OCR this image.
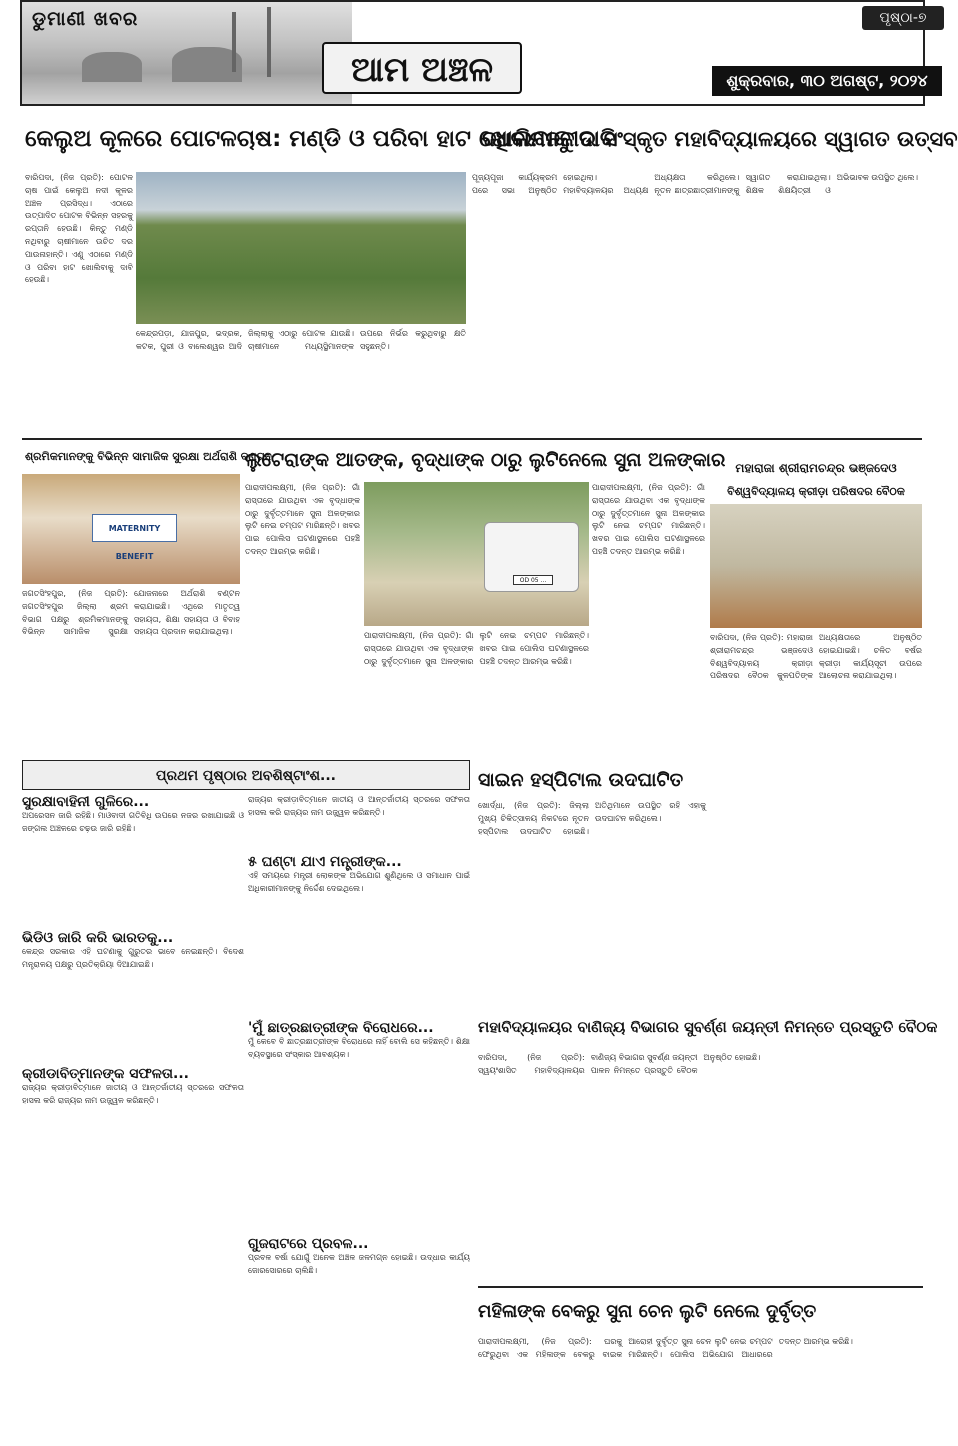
ଡୁମାଣୀ ଖବର
ଆମ ଅଞ୍ଚଳ
ପୃଷ୍ଠା-୭
ଶୁକ୍ରବାର, ୩୦ ଅଗଷ୍ଟ, ୨୦୨୪
କେଲୁଅ କୂଳରେ ପୋଟଳଚାଷ: ମଣ୍ଡି ଓ ପରିବା ହାଟ ଖୋଲିବାକୁ ଦାବି
ଦଧିବାମନଜୀଉ ସଂସ୍କୃତ ମହାବିଦ୍ୟାଳୟରେ ସ୍ୱାଗତ ଉତ୍ସବ
ବାରିପଦା, (ନିଜ ପ୍ରତି): ପୋଟଳ ଚାଷ ପାଇଁ କେଲୁଅ ନଦୀ କୂଳର ଅଞ୍ଚଳ ପ୍ରସିଦ୍ଧ। ଏଠାରେ ଉତ୍ପାଦିତ ପୋଟଳ ବିଭିନ୍ନ ସହରକୁ ରପ୍ତାନି ହେଉଛି। କିନ୍ତୁ ମଣ୍ଡି ନଥିବାରୁ ଚାଷୀମାନେ ଉଚିତ ଦର ପାଉନାହାନ୍ତି। ଏଣୁ ଏଠାରେ ମଣ୍ଡି ଓ ପରିବା ହାଟ ଖୋଲିବାକୁ ଦାବି ହେଉଛି।
କେନ୍ଦ୍ରପଡ଼ା, ଯାଜପୁର, ଭଦ୍ରକ, କଟକ, ପୁରୀ ଓ ବାଲେଶ୍ୱର ଆଦି ଜିଲ୍ଲାକୁ ଏଠାରୁ ପୋଟଳ ଯାଉଛି। ଚାଷୀମାନେ ମଧ୍ୟସ୍ଥିମାନଙ୍କ ଉପରେ ନିର୍ଭର କରୁଥିବାରୁ କ୍ଷତି ସହୁଛନ୍ତି।
ପୂଜ୍ୟପୂଜା କାର୍ଯ୍ୟକ୍ରମ ପରେ ସଭା ଅନୁଷ୍ଠିତ ହୋଇଥିଲା। ମହାବିଦ୍ୟାଳୟର ଅଧ୍ୟକ୍ଷ ଅଧ୍ୟକ୍ଷତା କରିଥିଲେ। ନୂତନ ଛାତ୍ରଛାତ୍ରୀମାନଙ୍କୁ ସ୍ୱାଗତ କରାଯାଇଥିଲା। ଶିକ୍ଷକ ଶିକ୍ଷୟିତ୍ରୀ ଓ ଅଭିଭାବକ ଉପସ୍ଥିତ ଥିଲେ।
ଶ୍ରମିକମାନଙ୍କୁ ବିଭିନ୍ନ ସାମାଜିକ ସୁରକ୍ଷା ଅର୍ଥରାଶି ବଣ୍ଟନ
MATERNITY BENEFIT
ଜଗତସିଂହପୁର, (ନିଜ ପ୍ରତି): ଜଗତସିଂହପୁର ଜିଲ୍ଲା ଶ୍ରମ ବିଭାଗ ପକ୍ଷରୁ ଶ୍ରମିକମାନଙ୍କୁ ବିଭିନ୍ନ ସାମାଜିକ ସୁରକ୍ଷା ଯୋଜନାରେ ଅର୍ଥରାଶି ବଣ୍ଟନ କରାଯାଇଛି। ଏଥିରେ ମାତୃତ୍ୱ ସହାୟତା, ଶିକ୍ଷା ସହାୟତା ଓ ବିବାହ ସହାୟତା ପ୍ରଦାନ କରାଯାଇଥିଲା।
ଲୁଟେରାଙ୍କ ଆତଙ୍କ, ବୃଦ୍ଧାଙ୍କ ଠାରୁ ଲୁଟିନେଲେ ସୁନା ଅଳଙ୍କାର
ପାରାଦୀପଲକ୍ଷ୍ମୀ, (ନିଜ ପ୍ରତି): ଗାଁ ରାସ୍ତାରେ ଯାଉଥିବା ଏକ ବୃଦ୍ଧାଙ୍କ ଠାରୁ ଦୁର୍ବୃତ୍ତମାନେ ସୁନା ଅଳଙ୍କାର ଲୁଟି ନେଇ ଚମ୍ପଟ ମାରିଛନ୍ତି। ଖବର ପାଇ ପୋଲିସ ଘଟଣାସ୍ଥଳରେ ପହଞ୍ଚି ତଦନ୍ତ ଆରମ୍ଭ କରିଛି।
OD 05 ...
ପାରାଦୀପଲକ୍ଷ୍ମୀ, (ନିଜ ପ୍ରତି): ଗାଁ ରାସ୍ତାରେ ଯାଉଥିବା ଏକ ବୃଦ୍ଧାଙ୍କ ଠାରୁ ଦୁର୍ବୃତ୍ତମାନେ ସୁନା ଅଳଙ୍କାର ଲୁଟି ନେଇ ଚମ୍ପଟ ମାରିଛନ୍ତି। ଖବର ପାଇ ପୋଲିସ ଘଟଣାସ୍ଥଳରେ ପହଞ୍ଚି ତଦନ୍ତ ଆରମ୍ଭ କରିଛି।
ପାରାଦୀପଲକ୍ଷ୍ମୀ, (ନିଜ ପ୍ରତି): ଗାଁ ରାସ୍ତାରେ ଯାଉଥିବା ଏକ ବୃଦ୍ଧାଙ୍କ ଠାରୁ ଦୁର୍ବୃତ୍ତମାନେ ସୁନା ଅଳଙ୍କାର ଲୁଟି ନେଇ ଚମ୍ପଟ ମାରିଛନ୍ତି। ଖବର ପାଇ ପୋଲିସ ଘଟଣାସ୍ଥଳରେ ପହଞ୍ଚି ତଦନ୍ତ ଆରମ୍ଭ କରିଛି।
ମହାରାଜା ଶ୍ରୀରାମଚନ୍ଦ୍ର ଭଞ୍ଜଦେଓ
ବିଶ୍ୱବିଦ୍ୟାଳୟ କ୍ରୀଡ଼ା ପରିଷଦର ବୈଠକ
ବାରିପଦା, (ନିଜ ପ୍ରତି): ମହାରାଜା ଶ୍ରୀରାମଚନ୍ଦ୍ର ଭଞ୍ଜଦେଓ ବିଶ୍ୱବିଦ୍ୟାଳୟ କ୍ରୀଡ଼ା ପରିଷଦର ବୈଠକ କୁଳପତିଙ୍କ ଅଧ୍ୟକ୍ଷତାରେ ଅନୁଷ୍ଠିତ ହୋଇଯାଇଛି। ଚଳିତ ବର୍ଷର କ୍ରୀଡ଼ା କାର୍ଯ୍ୟସୂଚୀ ଉପରେ ଆଲୋଚନା କରାଯାଇଥିଲା।
ପ୍ରଥମ ପୃଷ୍ଠାର ଅବଶିଷ୍ଟାଂଶ...
ସୁରକ୍ଷାବାହିନୀ ଗୁଳିରେ...
ଅପରେସନ ଜାରି ରହିଛି। ମାଓବାଦୀ ଗତିବିଧି ଉପରେ ନଜର ରଖାଯାଇଛି ଓ ଜଙ୍ଗଲ ଅଞ୍ଚଳରେ ଚଢ଼ଉ ଜାରି ରହିଛି।
ଭିଡିଓ ଜାରି କରି ଭାରତକୁ...
କେନ୍ଦ୍ର ସରକାର ଏହି ଘଟଣାକୁ ଗୁରୁତର ଭାବେ ନେଇଛନ୍ତି। ବିଦେଶ ମନ୍ତ୍ରାଳୟ ପକ୍ଷରୁ ପ୍ରତିକ୍ରିୟା ଦିଆଯାଇଛି।
କ୍ରୀଡାବିତ୍‌ମାନଙ୍କ ସଫଳତା...
ରାଜ୍ୟର କ୍ରୀଡ଼ାବିତ୍‌ମାନେ ଜାତୀୟ ଓ ଆନ୍ତର୍ଜାତୀୟ ସ୍ତରରେ ସଫଳତା ହାସଲ କରି ରାଜ୍ୟର ନାମ ଉଜ୍ଜ୍ୱଳ କରିଛନ୍ତି।
ରାଜ୍ୟର କ୍ରୀଡ଼ାବିତ୍‌ମାନେ ଜାତୀୟ ଓ ଆନ୍ତର୍ଜାତୀୟ ସ୍ତରରେ ସଫଳତା ହାସଲ କରି ରାଜ୍ୟର ନାମ ଉଜ୍ଜ୍ୱଳ କରିଛନ୍ତି।
୫ ଘଣ୍ଟା ଯାଏ ମନ୍ତ୍ରୀଙ୍କ...
ଏହି ସମୟରେ ମନ୍ତ୍ରୀ ଲୋକଙ୍କ ଅଭିଯୋଗ ଶୁଣିଥିଲେ ଓ ସମାଧାନ ପାଇଁ ଅଧିକାରୀମାନଙ୍କୁ ନିର୍ଦ୍ଦେଶ ଦେଇଥିଲେ।
'ମୁଁ ଛାତ୍ରଛାତ୍ରୀଙ୍କ ବିରୋଧରେ...
ମୁଁ କେବେ ବି ଛାତ୍ରଛାତ୍ରୀଙ୍କ ବିରୋଧରେ ନାହିଁ ବୋଲି ସେ କହିଛନ୍ତି। ଶିକ୍ଷା ବ୍ୟବସ୍ଥାରେ ସଂସ୍କାର ଆବଶ୍ୟକ।
ଗୁଜରାଟରେ ପ୍ରବଳ...
ପ୍ରବଳ ବର୍ଷା ଯୋଗୁଁ ଅନେକ ଅଞ୍ଚଳ ଜଳମଗ୍ନ ହୋଇଛି। ଉଦ୍ଧାର କାର୍ଯ୍ୟ ଜୋରସୋରରେ ଚାଲିଛି।
ସାଇନ ହସ୍ପିଟାଲ ଉଦଘାଟିତ
ଖୋର୍ଦ୍ଧା, (ନିଜ ପ୍ରତି): ଜିଲ୍ଲା ମୁଖ୍ୟ ଚିକିତ୍ସାଳୟ ନିକଟରେ ନୂତନ ହସ୍ପିଟାଲ ଉଦଘାଟିତ ହୋଇଛି। ଅତିଥିମାନେ ଉପସ୍ଥିତ ରହି ଏହାକୁ ଉଦଘାଟନ କରିଥିଲେ।
ମହାବିଦ୍ୟାଳୟର ବାଣିଜ୍ୟ ବିଭାଗର ସୁବର୍ଣ୍ଣ ଜୟନ୍ତୀ ନିମନ୍ତେ ପ୍ରସ୍ତୁତି ବୈଠକ
ବାରିପଦା, (ନିଜ ପ୍ରତି): ସ୍ୱୟଂଶାସିତ ମହାବିଦ୍ୟାଳୟର ବାଣିଜ୍ୟ ବିଭାଗର ସୁବର୍ଣ୍ଣ ଜୟନ୍ତୀ ପାଳନ ନିମନ୍ତେ ପ୍ରସ୍ତୁତି ବୈଠକ ଅନୁଷ୍ଠିତ ହୋଇଛି।
ମହିଳାଙ୍କ ବେକରୁ ସୁନା ଚେନ ଲୁଟି ନେଲେ ଦୁର୍ବୃତ୍ତ
ପାରାଦୀପଲକ୍ଷ୍ମୀ, (ନିଜ ପ୍ରତି): ଘରକୁ ଫେରୁଥିବା ଏକ ମହିଳାଙ୍କ ବେକରୁ ବାଇକ ଆରୋହୀ ଦୁର୍ବୃତ୍ତ ସୁନା ଚେନ ଲୁଟି ନେଇ ଚମ୍ପଟ ମାରିଛନ୍ତି। ପୋଲିସ ଅଭିଯୋଗ ଆଧାରରେ ତଦନ୍ତ ଆରମ୍ଭ କରିଛି।
